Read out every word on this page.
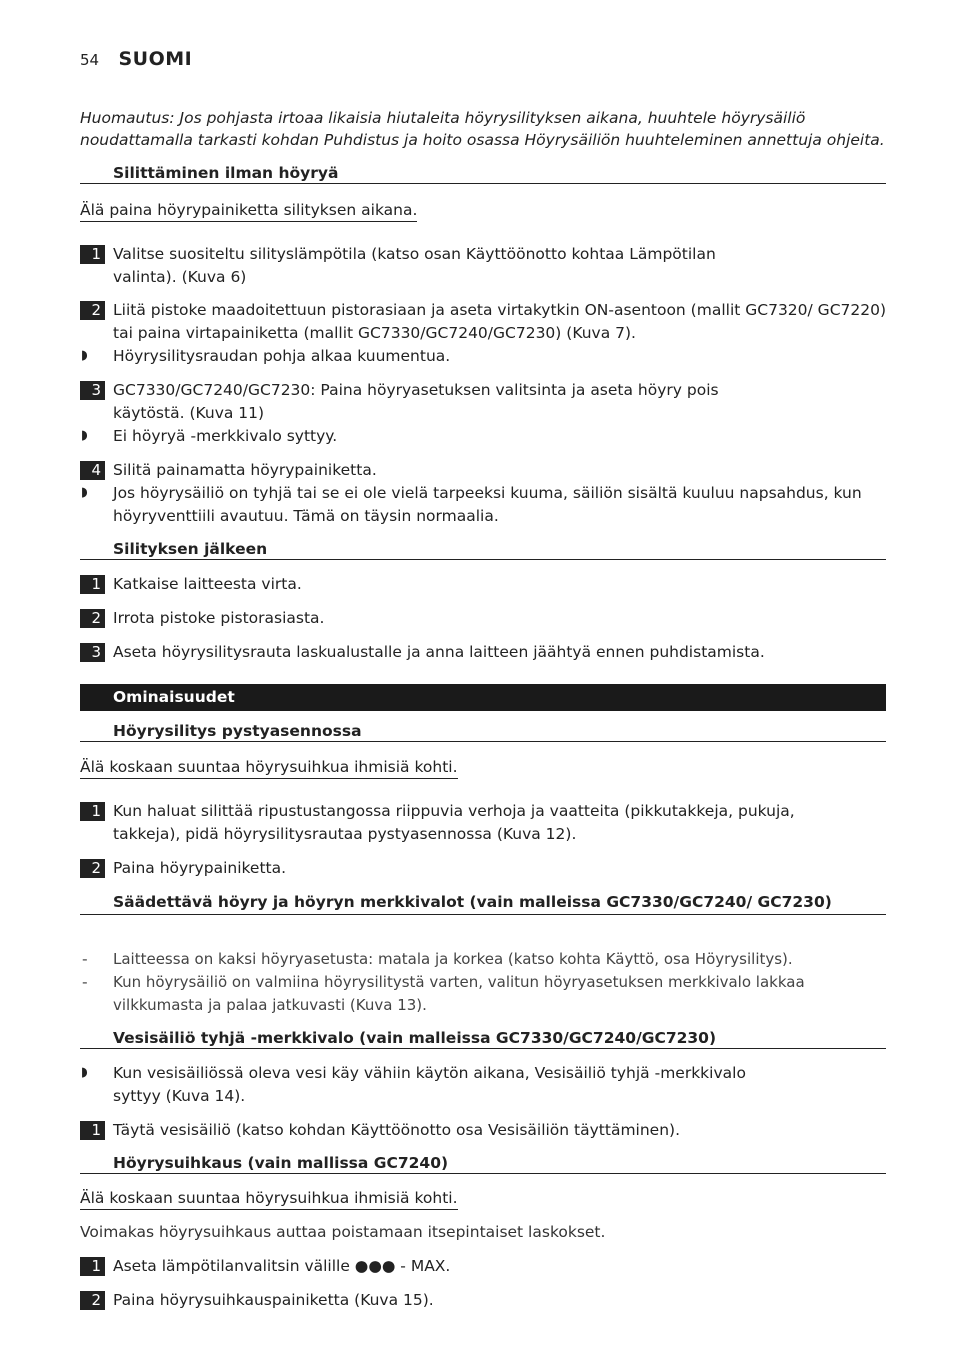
54 SUOMI
Huomautus: Jos pohjasta irtoaa likaisia hiutaleita höyrysilityksen aikana, huuhtele höyrysäiliö noudattamalla tarkasti kohdan Puhdistus ja hoito osassa Höyrysäiliön huuhteleminen annettuja ohjeita.
Silittäminen ilman höyryä
Älä paina höyrypainiketta silityksen aikana.
1 Valitse suositeltu silityslämpötila (katso osan Käyttöönotto kohtaa Lämpötilan valinta). (Kuva 6)
2 Liitä pistoke maadoitettuun pistorasiaan ja aseta virtakytkin ON-asentoon (mallit GC7320/ GC7220) tai paina virtapainiketta (mallit GC7330/GC7240/GC7230) (Kuva 7).
◗ Höyrysilitysraudan pohja alkaa kuumentua.
3 GC7330/GC7240/GC7230: Paina höyryasetuksen valitsinta ja aseta höyry pois käytöstä. (Kuva 11)
◗ Ei höyryä -merkkivalo syttyy.
4 Silitä painamatta höyrypainiketta.
◗ Jos höyrysäiliö on tyhjä tai se ei ole vielä tarpeeksi kuuma, säiliön sisältä kuuluu napsahdus, kun höyryventtiili avautuu. Tämä on täysin normaalia.
Silityksen jälkeen
1 Katkaise laitteesta virta.
2 Irrota pistoke pistorasiasta.
3 Aseta höyrysilitysrauta laskualustalle ja anna laitteen jäähtyä ennen puhdistamista.
Ominaisuudet
Höyrysilitys pystyasennossa
Älä koskaan suuntaa höyrysuihkua ihmisiä kohti.
1 Kun haluat silittää ripustustangossa riippuvia verhoja ja vaatteita (pikkutakkeja, pukuja, takkeja), pidä höyrysilitysrautaa pystyasennossa (Kuva 12).
2 Paina höyrypainiketta.
Säädettävä höyry ja höyryn merkkivalot (vain malleissa GC7330/GC7240/ GC7230)
- Laitteessa on kaksi höyryasetusta: matala ja korkea (katso kohta Käyttö, osa Höyrysilitys).
- Kun höyrysäiliö on valmiina höyrysilitystä varten, valitun höyryasetuksen merkkivalo lakkaa vilkkumasta ja palaa jatkuvasti (Kuva 13).
Vesisäiliö tyhjä -merkkivalo (vain malleissa GC7330/GC7240/GC7230)
◗ Kun vesisäiliössä oleva vesi käy vähiin käytön aikana, Vesisäiliö tyhjä -merkkivalo syttyy (Kuva 14).
1 Täytä vesisäiliö (katso kohdan Käyttöönotto osa Vesisäiliön täyttäminen).
Höyrysuihkaus (vain mallissa GC7240)
Älä koskaan suuntaa höyrysuihkua ihmisiä kohti.
Voimakas höyrysuihkaus auttaa poistamaan itsepintaiset laskokset.
1 Aseta lämpötilanvalitsin välille ●●● - MAX.
2 Paina höyrysuihkauspainiketta (Kuva 15).
